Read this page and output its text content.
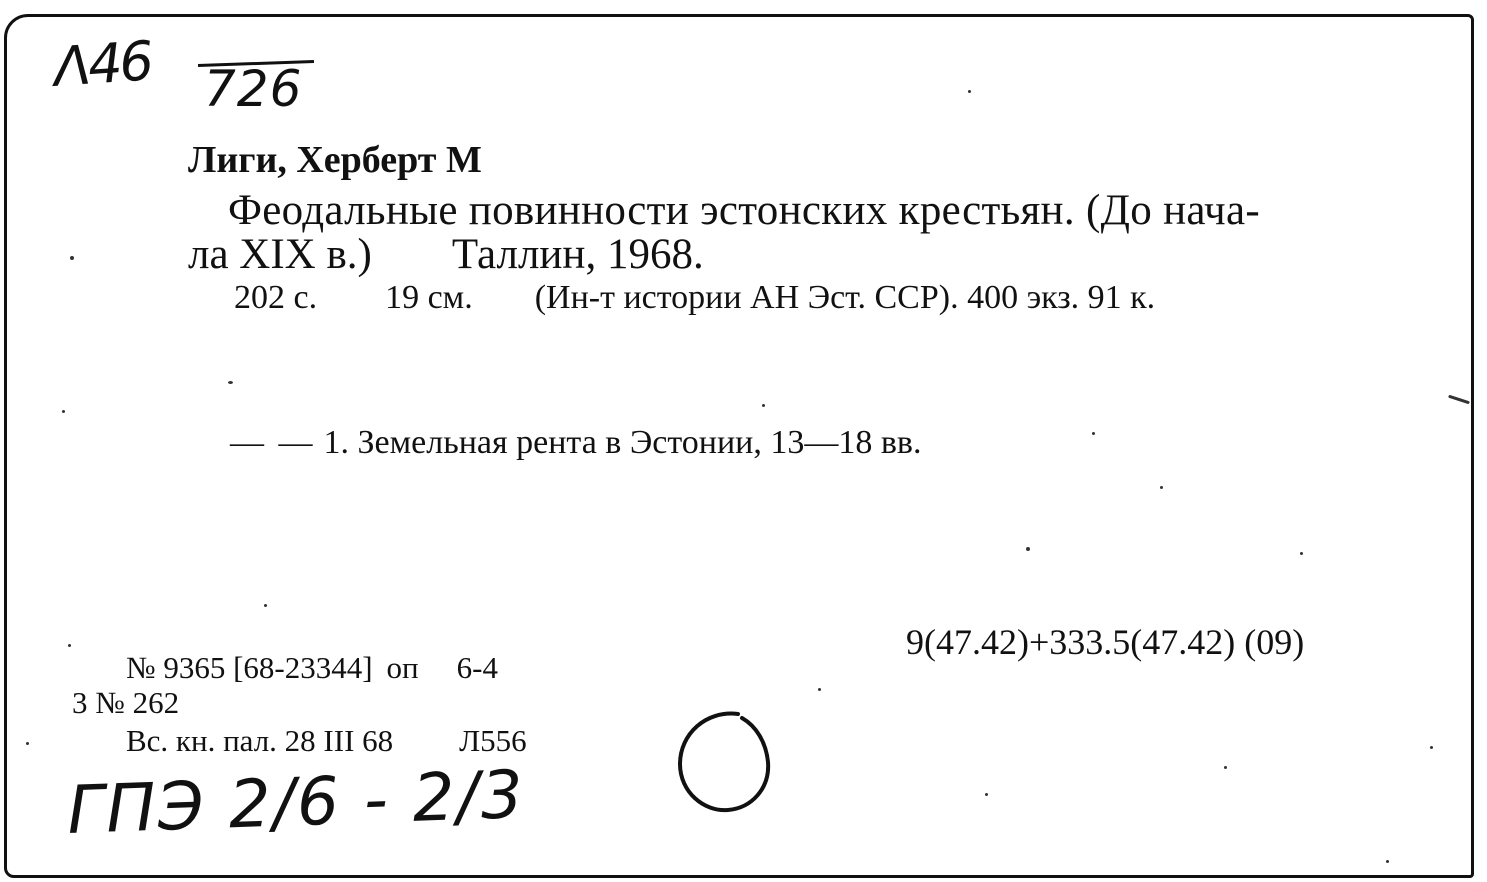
Λ46 726
Лиги, Херберт М
Феодальные повинности эстонских крестьян. (До нача-
ла XIX в.) Таллин, 1968.
202 с. 19 см. (Ин-т истории АН Эст. ССР). 400 экз. 91 к.
— — 1. Земельная рента в Эстонии, 13—18 вв.
9(47.42)+333.5(47.42) (09)
№ 9365 [68-23344] оп 6-4
3 № 262
Вс. кн. пал. 28 III 68 Л556
ГПЭ 2/6 - 2/3
